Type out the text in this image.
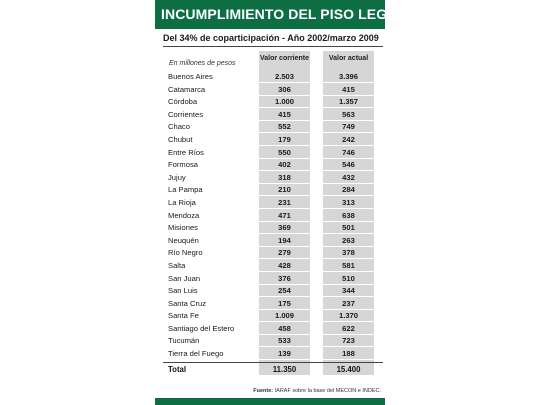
INCUMPLIMIENTO DEL PISO LEGAL
Del 34% de coparticipación - Año 2002/marzo 2009
En millones de pesos
Valor corriente	Valor actual
Buenos Aires	2.503	3.396
Catamarca	306	415
Córdoba	1.000	1.357
Corrientes	415	563
Chaco	552	749
Chubut	179	242
Entre Ríos	550	746
Formosa	402	546
Jujuy	318	432
La Pampa	210	284
La Rioja	231	313
Mendoza	471	638
Misiones	369	501
Neuquén	194	263
Río Negro	279	378
Salta	428	581
San Juan	376	510
San Luis	254	344
Santa Cruz	175	237
Santa Fe	1.009	1.370
Santiago del Estero	458	622
Tucumán	533	723
Tierra del Fuego	139	188
Total	11.350	15.400
Fuente: IARAF sobre la base del MECON e INDEC.
